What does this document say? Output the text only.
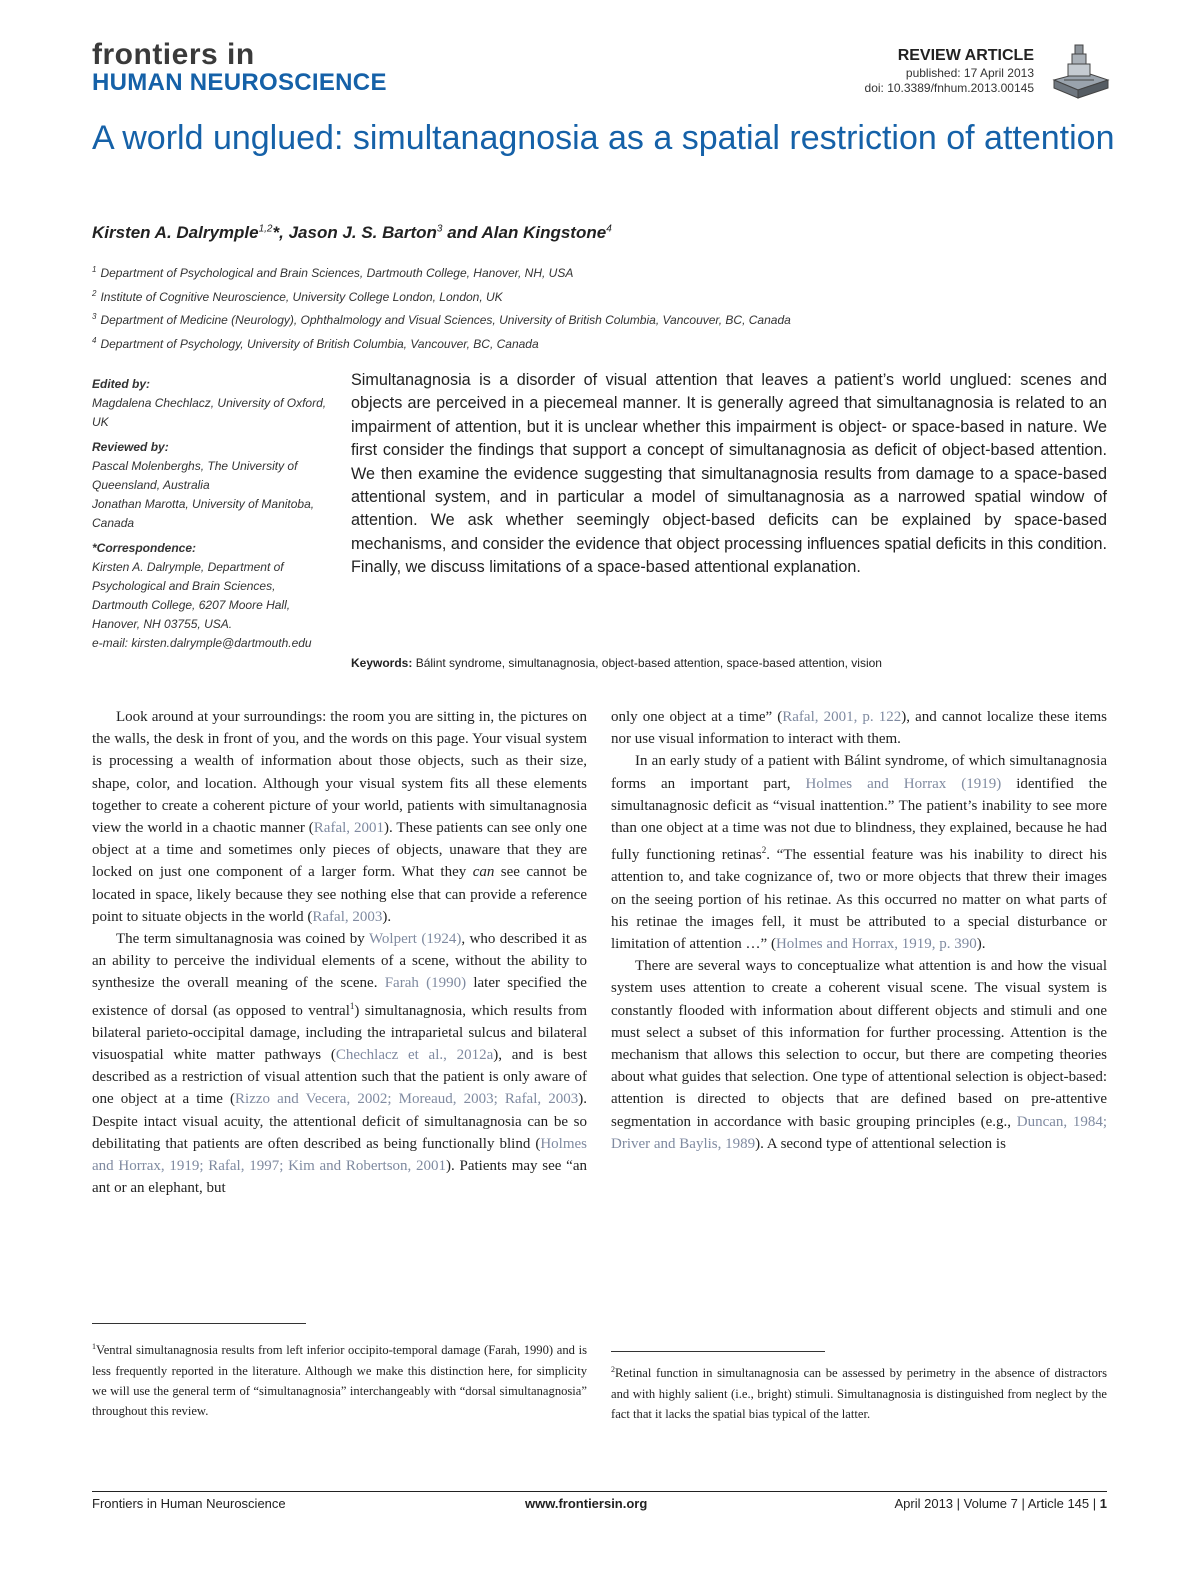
frontiers in
HUMAN NEUROSCIENCE
REVIEW ARTICLE
published: 17 April 2013
doi: 10.3389/fnhum.2013.00145
A world unglued: simultanagnosia as a spatial restriction of attention
Kirsten A. Dalrymple$^{1,2}$*, Jason J. S. Barton$^3$ and Alan Kingstone$^4$
$^1$ Department of Psychological and Brain Sciences, Dartmouth College, Hanover, NH, USA
$^2$ Institute of Cognitive Neuroscience, University College London, London, UK
$^3$ Department of Medicine (Neurology), Ophthalmology and Visual Sciences, University of British Columbia, Vancouver, BC, Canada
$^4$ Department of Psychology, University of British Columbia, Vancouver, BC, Canada
Edited by:
Magdalena Chechlacz, University of Oxford, UK
Reviewed by:
Pascal Molenberghs, The University of Queensland, Australia
Jonathan Marotta, University of Manitoba, Canada
*Correspondence:
Kirsten A. Dalrymple, Department of Psychological and Brain Sciences, Dartmouth College, 6207 Moore Hall, Hanover, NH 03755, USA.
e-mail: kirsten.dalrymple@dartmouth.edu
Simultanagnosia is a disorder of visual attention that leaves a patient’s world unglued: scenes and objects are perceived in a piecemeal manner. It is generally agreed that simultanagnosia is related to an impairment of attention, but it is unclear whether this impairment is object- or space-based in nature. We first consider the findings that support a concept of simultanagnosia as deficit of object-based attention. We then examine the evidence suggesting that simultanagnosia results from damage to a space-based attentional system, and in particular a model of simultanagnosia as a narrowed spatial window of attention. We ask whether seemingly object-based deficits can be explained by space-based mechanisms, and consider the evidence that object processing influences spatial deficits in this condition. Finally, we discuss limitations of a space-based attentional explanation.
Keywords: Bálint syndrome, simultanagnosia, object-based attention, space-based attention, vision

Look around at your surroundings: the room you are sitting in, the pictures on the walls, the desk in front of you, and the words on this page. Your visual system is processing a wealth of information about those objects, such as their size, shape, color, and location. Although your visual system fits all these elements together to create a coherent picture of your world, patients with simultanagnosia view the world in a chaotic manner (Rafal, 2001). These patients can see only one object at a time and sometimes only pieces of objects, unaware that they are locked on just one component of a larger form. What they can see cannot be located in space, likely because they see nothing else that can provide a reference point to situate objects in the world (Rafal, 2003).

The term simultanagnosia was coined by Wolpert (1924), who described it as an ability to perceive the individual elements of a scene, without the ability to synthesize the overall meaning of the scene. Farah (1990) later specified the existence of dorsal (as opposed to ventral$^1$) simultanagnosia, which results from bilateral parieto-occipital damage, including the intraparietal sulcus and bilateral visuospatial white matter pathways (Chechlacz et al., 2012a), and is best described as a restriction of visual attention such that the patient is only aware of one object at a time (Rizzo and Vecera, 2002; Moreaud, 2003; Rafal, 2003). Despite intact visual acuity, the attentional deficit of simultanagnosia can be so debilitating that patients are often described as being functionally blind (Holmes and Horrax, 1919; Rafal, 1997; Kim and Robertson, 2001). Patients may see “an ant or an elephant, but

only one object at a time” (Rafal, 2001, p. 122), and cannot localize these items nor use visual information to interact with them.

In an early study of a patient with Bálint syndrome, of which simultanagnosia forms an important part, Holmes and Horrax (1919) identified the simultanagnosic deficit as “visual inattention.” The patient’s inability to see more than one object at a time was not due to blindness, they explained, because he had fully functioning retinas$^2$. “The essential feature was his inability to direct his attention to, and take cognizance of, two or more objects that threw their images on the seeing portion of his retinae. As this occurred no matter on what parts of his retinae the images fell, it must be attributed to a special disturbance or limitation of attention …” (Holmes and Horrax, 1919, p. 390).

There are several ways to conceptualize what attention is and how the visual system uses attention to create a coherent visual scene. The visual system is constantly flooded with information about different objects and stimuli and one must select a subset of this information for further processing. Attention is the mechanism that allows this selection to occur, but there are competing theories about what guides that selection. One type of attentional selection is object-based: attention is directed to objects that are defined based on pre-attentive segmentation in accordance with basic grouping principles (e.g., Duncan, 1984; Driver and Baylis, 1989). A second type of attentional selection is

$^1$Ventral simultanagnosia results from left inferior occipito-temporal damage (Farah, 1990) and is less frequently reported in the literature. Although we make this distinction here, for simplicity we will use the general term of “simultanagnosia” interchangeably with “dorsal simultanagnosia” throughout this review.
$^2$Retinal function in simultanagnosia can be assessed by perimetry in the absence of distractors and with highly salient (i.e., bright) stimuli. Simultanagnosia is distinguished from neglect by the fact that it lacks the spatial bias typical of the latter.
Frontiers in Human Neuroscience	www.frontiersin.org	April 2013 | Volume 7 | Article 145 | 1
